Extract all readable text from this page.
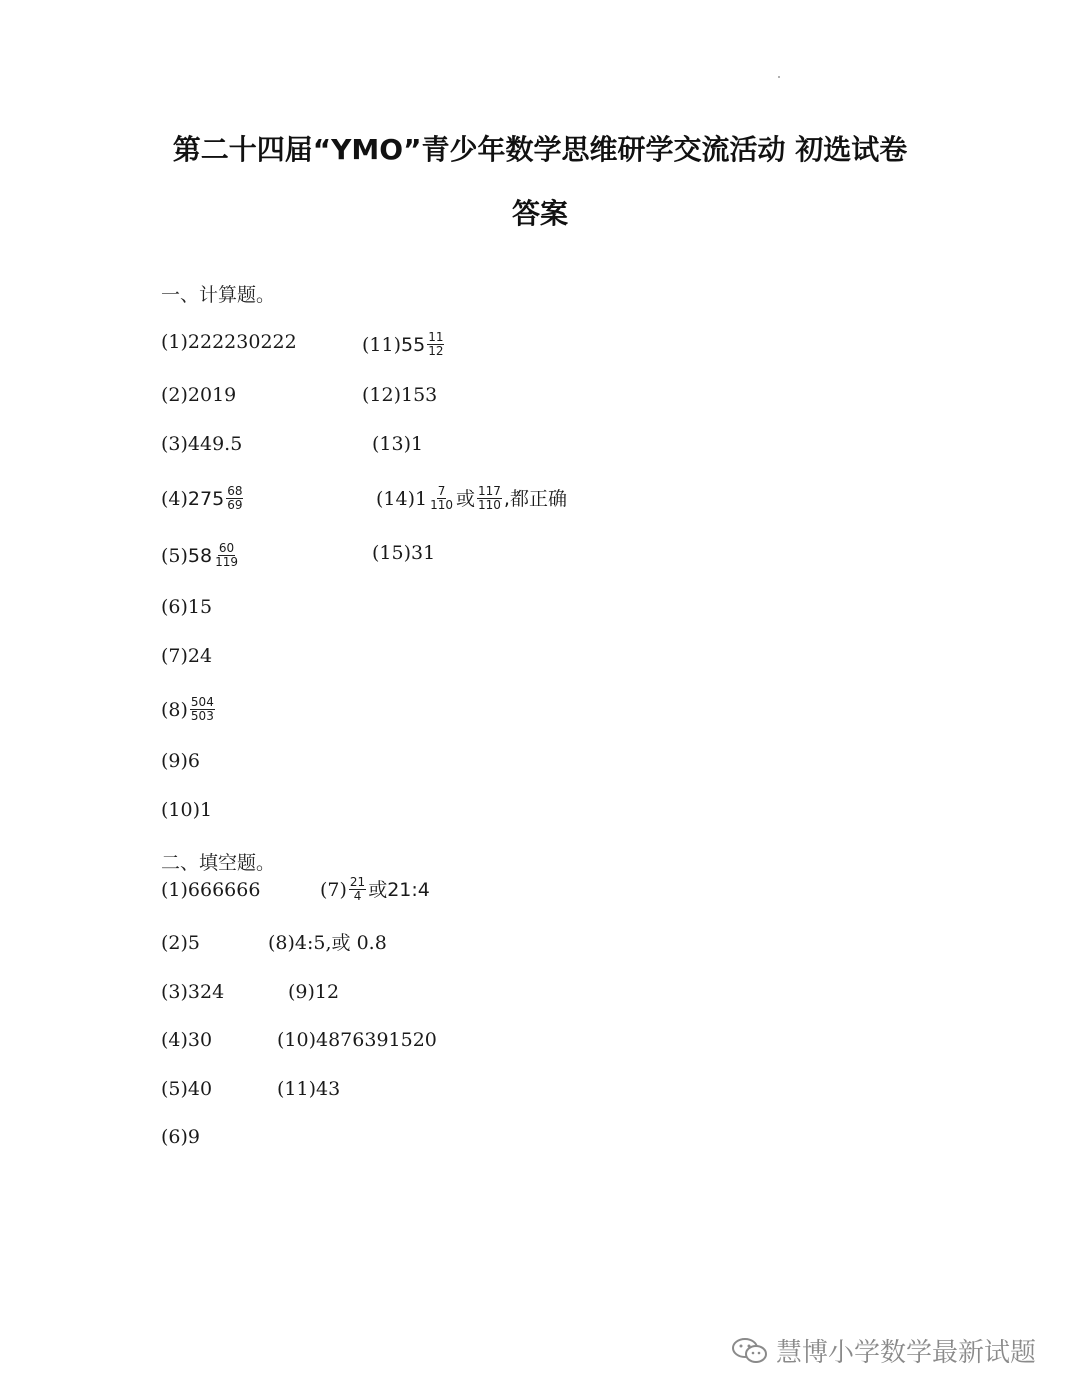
第二十四届“YMO”青少年数学思维研学交流活动 初选试卷
答案
一、计算题。
(1)222230222
(2)2019
(3)449.5
(4) $275 \frac{68}{69}$
(5) $58 \frac{60}{119}$
(6)15
(7)24
$(8) \frac{504}{503}$
(9)6
(10)1
(11) $55 \frac{11}{12}$
(12)153
(13)1
$(14)1 \frac{7}{110}$ 或 $\frac{117}{110}$ ,都正确
(15)31
二、填空题。
(1)666666
(2)5
(3)324
(4)30
(5)40
(6)9
$(7) \frac{21}{4}$ 或21:4
(8)4:5,或 0.8
(9)12
(10)4876391520
(11)43
慧博小学数学最新试题
